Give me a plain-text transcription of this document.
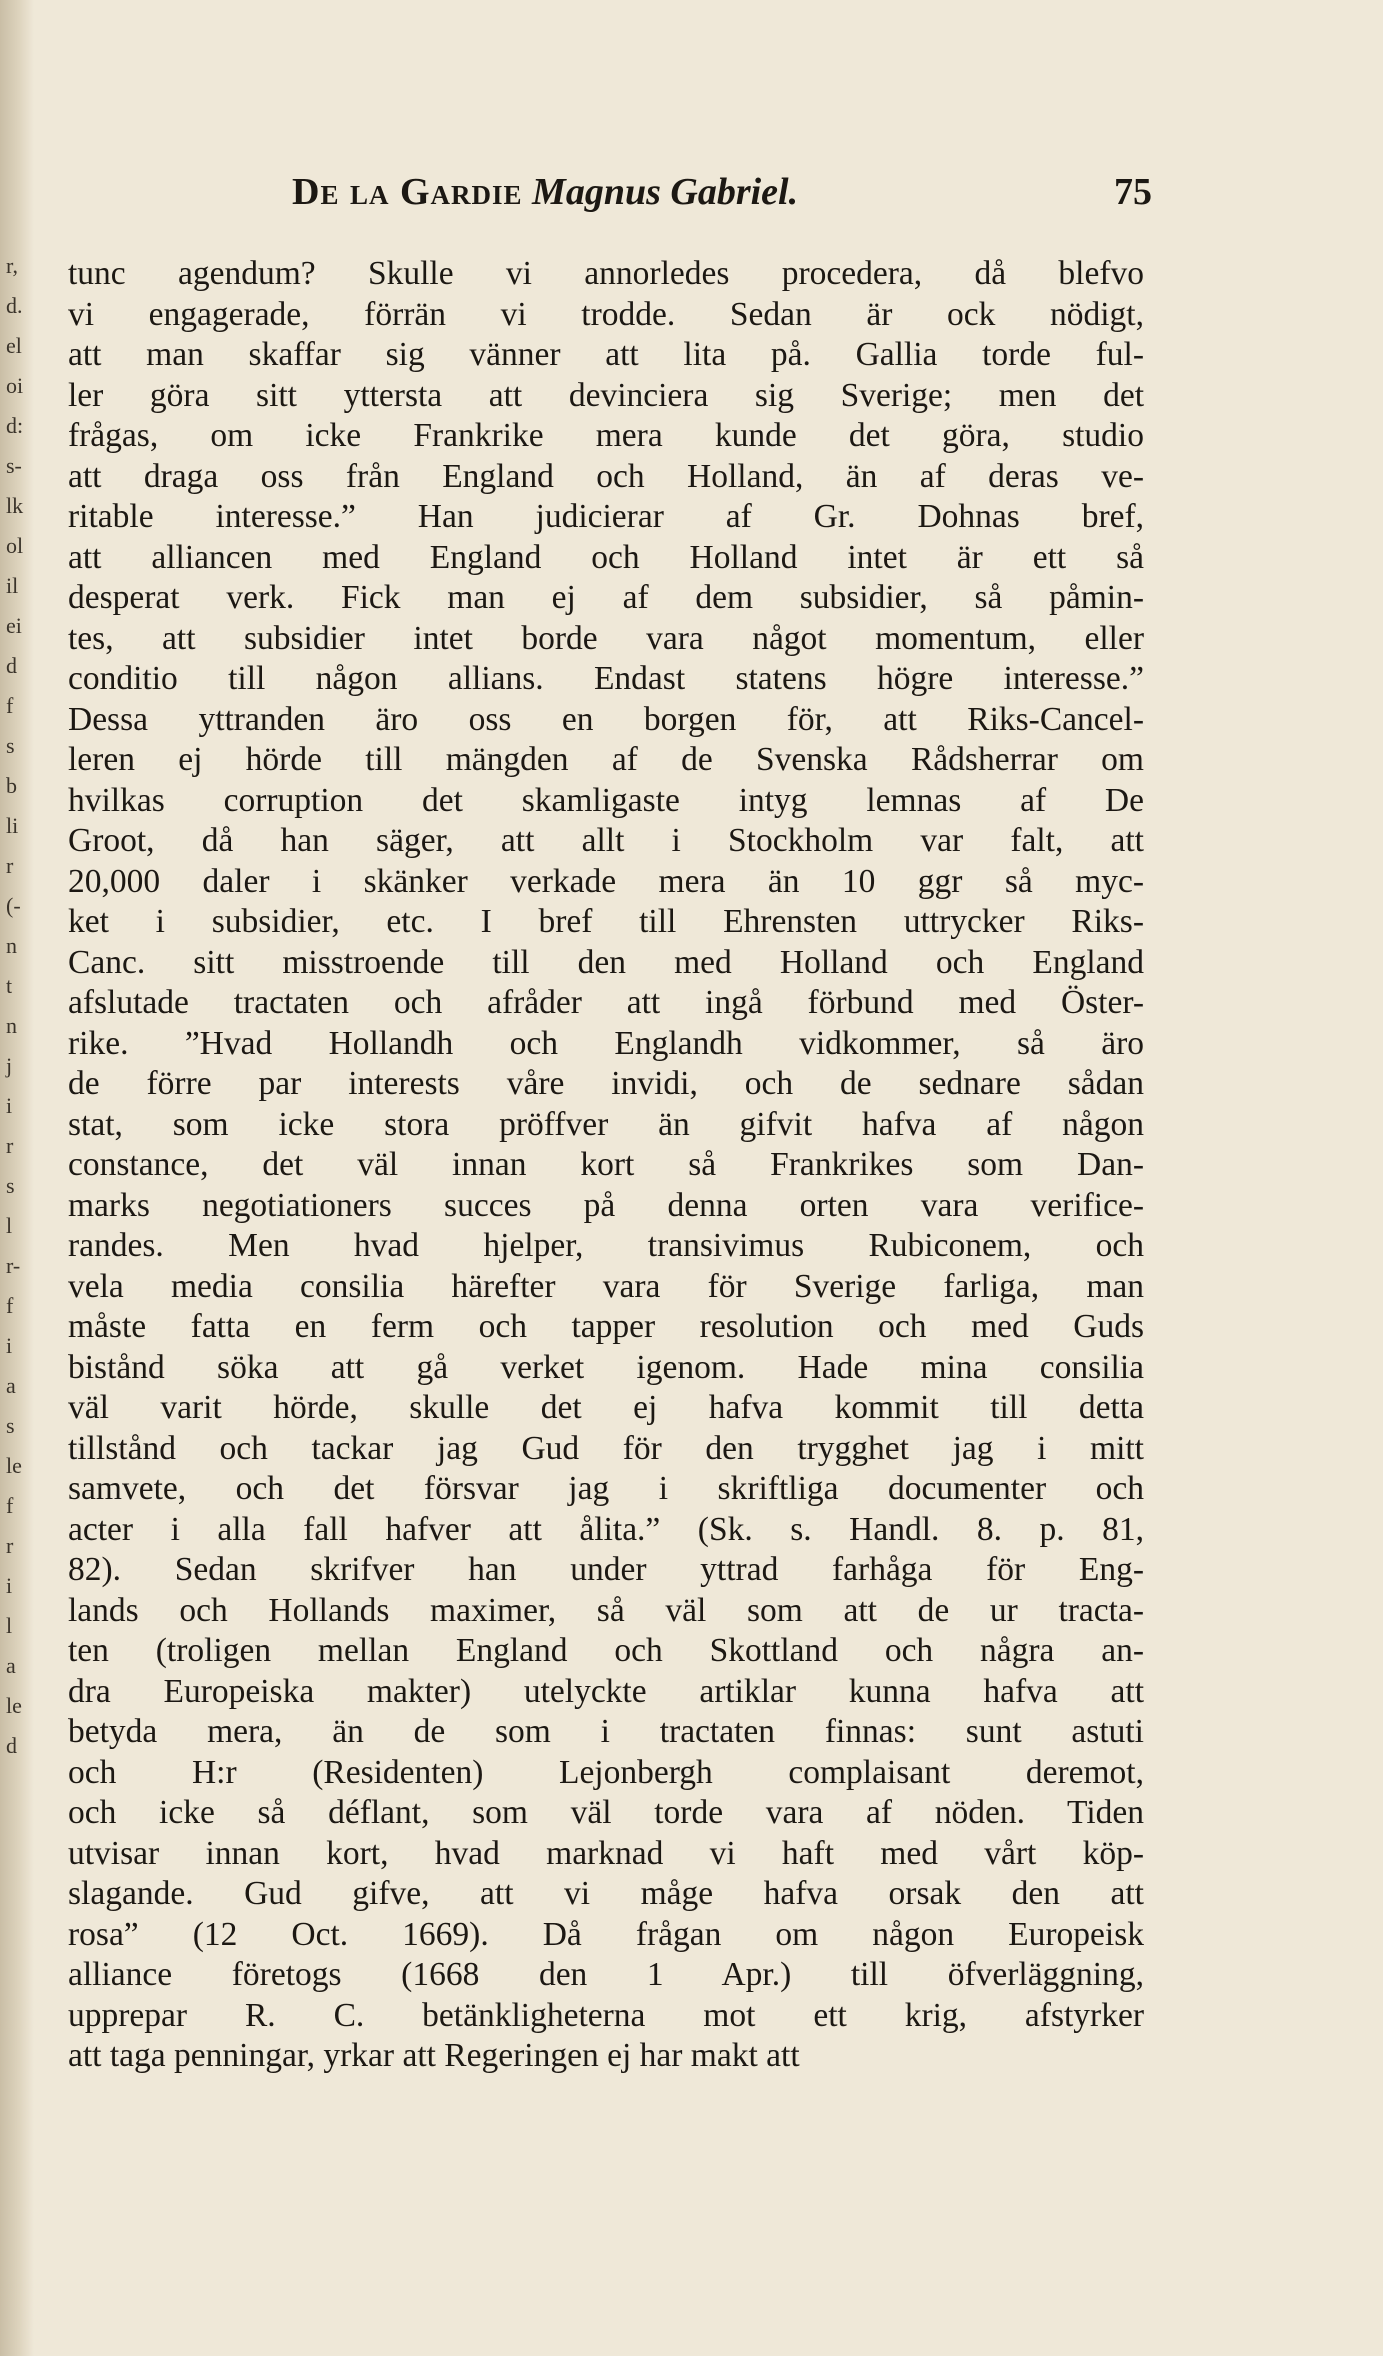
r,
d.
el
oi
d:
s-
lk
ol
il
ei
d
f
s
b
li
r
(-
n
t
n
j
i
r
s
l
r-
f
i
a
s
le
f
r
i
l
a
le
d
De la Gardie Magnus Gabriel.	75
tunc agendum? Skulle vi annorledes procedera, då blefvo
vi engagerade, förrän vi trodde. Sedan är ock nödigt,
att man skaffar sig vänner att lita på. Gallia torde ful-
ler göra sitt yttersta att devinciera sig Sverige; men det
frågas, om icke Frankrike mera kunde det göra, studio
att draga oss från England och Holland, än af deras ve-
ritable interesse.” Han judicierar af Gr. Dohnas bref,
att alliancen med England och Holland intet är ett så
desperat verk. Fick man ej af dem subsidier, så påmin-
tes, att subsidier intet borde vara något momentum, eller
conditio till någon allians. Endast statens högre interesse.”
Dessa yttranden äro oss en borgen för, att Riks-Cancel-
leren ej hörde till mängden af de Svenska Rådsherrar om
hvilkas corruption det skamligaste intyg lemnas af De
Groot, då han säger, att allt i Stockholm var falt, att
20,000 daler i skänker verkade mera än 10 ggr så myc-
ket i subsidier, etc. I bref till Ehrensten uttrycker Riks-
Canc. sitt misstroende till den med Holland och England
afslutade tractaten och afråder att ingå förbund med Öster-
rike. ”Hvad Hollandh och Englandh vidkommer, så äro
de förre par interests våre invidi, och de sednare sådan
stat, som icke stora pröffver än gifvit hafva af någon
constance, det väl innan kort så Frankrikes som Dan-
marks negotiationers succes på denna orten vara verifice-
randes. Men hvad hjelper, transivimus Rubiconem, och
vela media consilia härefter vara för Sverige farliga, man
måste fatta en ferm och tapper resolution och med Guds
bistånd söka att gå verket igenom. Hade mina consilia
väl varit hörde, skulle det ej hafva kommit till detta
tillstånd och tackar jag Gud för den trygghet jag i mitt
samvete, och det försvar jag i skriftliga documenter och
acter i alla fall hafver att ålita.” (Sk. s. Handl. 8. p. 81,
82). Sedan skrifver han under yttrad farhåga för Eng-
lands och Hollands maximer, så väl som att de ur tracta-
ten (troligen mellan England och Skottland och några an-
dra Europeiska makter) utelyckte artiklar kunna hafva att
betyda mera, än de som i tractaten finnas: sunt astuti
och H:r (Residenten) Lejonbergh complaisant deremot,
och icke så déflant, som väl torde vara af nöden. Tiden
utvisar innan kort, hvad marknad vi haft med vårt köp-
slagande. Gud gifve, att vi måge hafva orsak den att
rosa” (12 Oct. 1669). Då frågan om någon Europeisk
alliance företogs (1668 den 1 Apr.) till öfverläggning,
upprepar R. C. betänkligheterna mot ett krig, afstyrker
att taga penningar, yrkar att Regeringen ej har makt att
